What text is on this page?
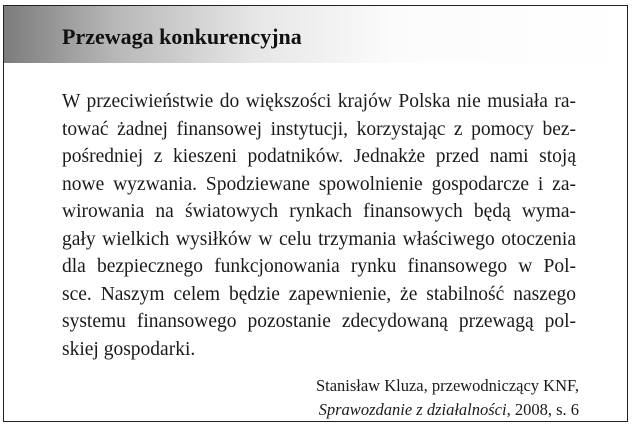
Przewaga konkurencyjna

W przeciwieństwie do większości krajów Polska nie musiała ra-
tować żadnej finansowej instytucji, korzystając z pomocy bez-
pośredniej z kieszeni podatników. Jednakże przed nami stoją
nowe wyzwania. Spodziewane spowolnienie gospodarcze i za-
wirowania na światowych rynkach finansowych będą wyma-
gały wielkich wysiłków w celu trzymania właściwego otoczenia
dla bezpiecznego funkcjonowania rynku finansowego w Pol-
sce. Naszym celem będzie zapewnienie, że stabilność naszego
systemu finansowego pozostanie zdecydowaną przewagą pol-
skiej gospodarki.

Stanisław Kluza, przewodniczący KNF,
Sprawozdanie z działalności, 2008, s. 6
